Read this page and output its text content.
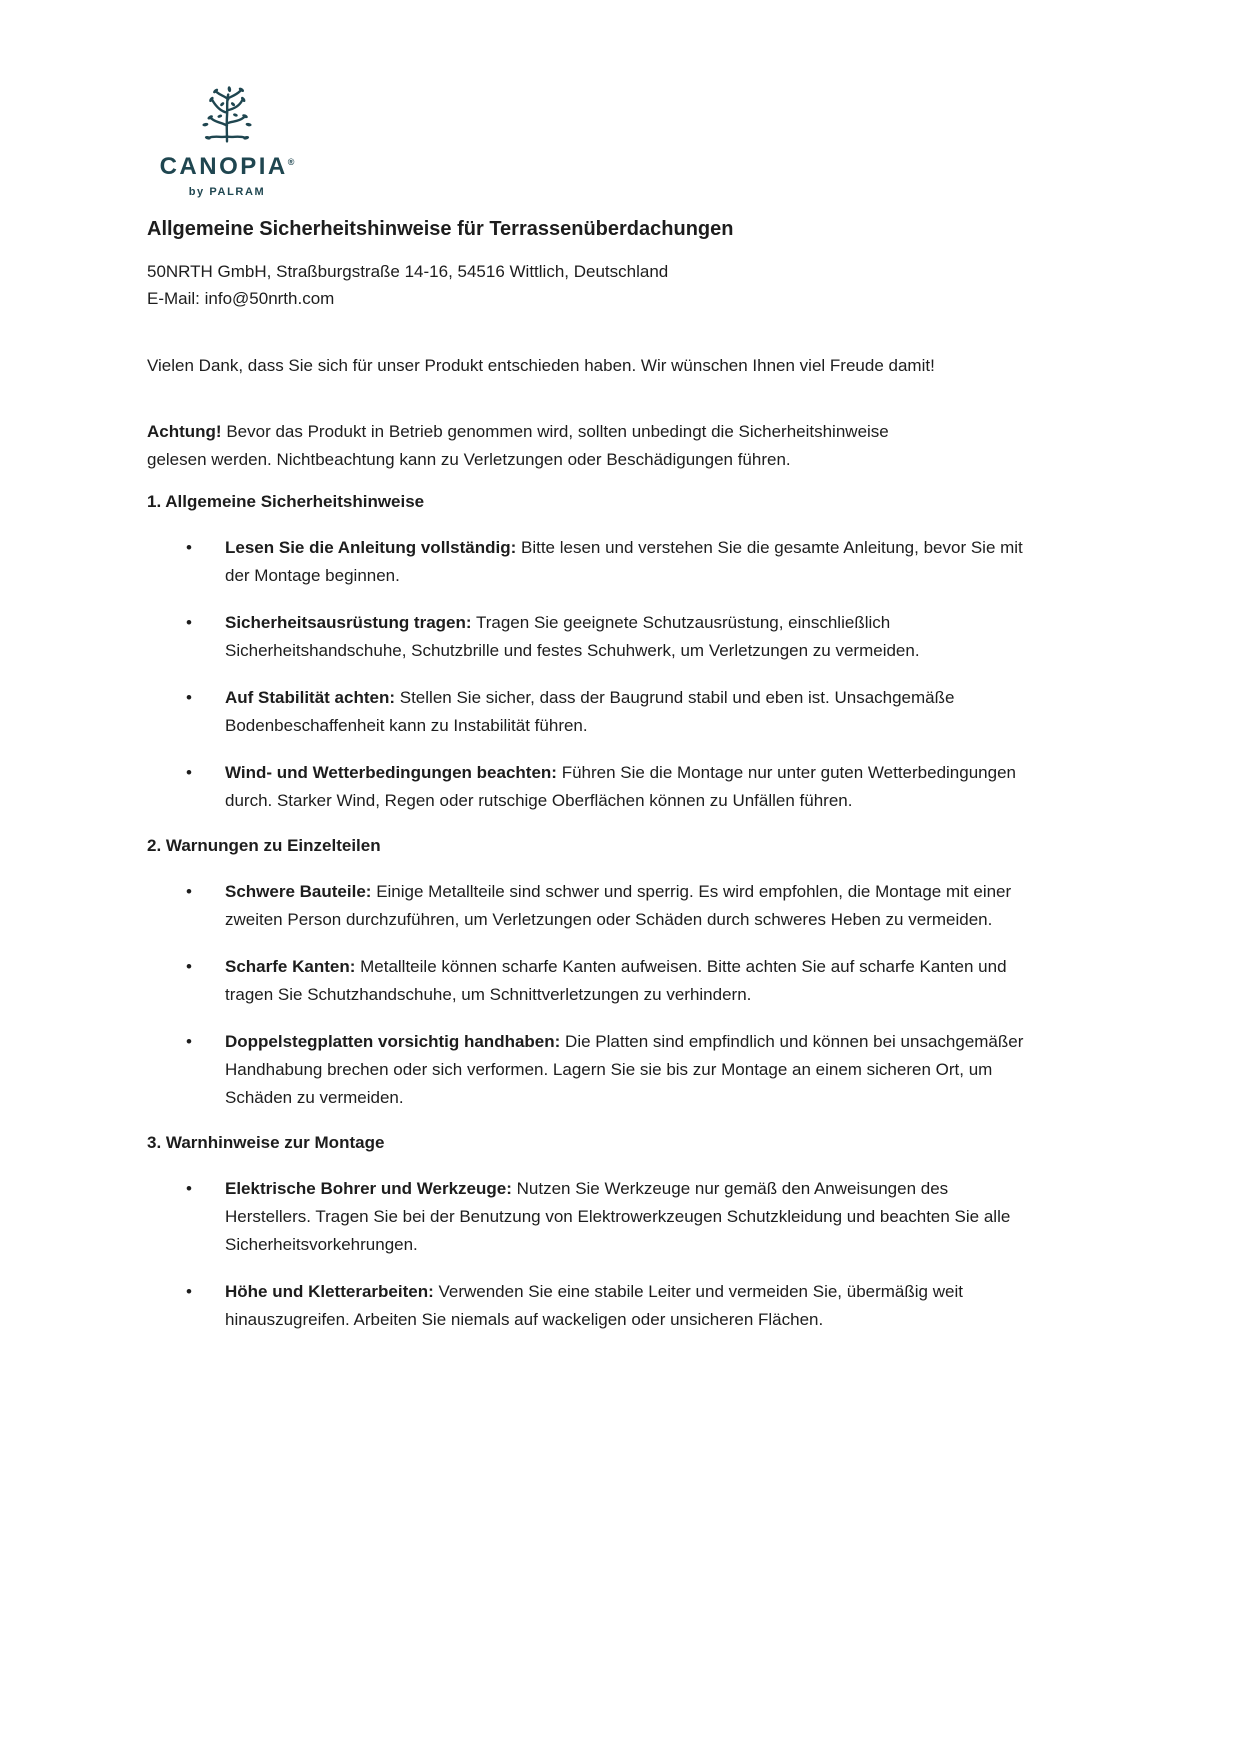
CANOPIA®
by PALRAM
Allgemeine Sicherheitshinweise für Terrassenüberdachungen
50NRTH GmbH, Straßburgstraße 14-16, 54516 Wittlich, Deutschland
E-Mail: info@50nrth.com

Vielen Dank, dass Sie sich für unser Produkt entschieden haben. Wir wünschen Ihnen viel Freude damit!

Achtung! Bevor das Produkt in Betrieb genommen wird, sollten unbedingt die Sicherheitshinweise gelesen werden. Nichtbeachtung kann zu Verletzungen oder Beschädigungen führen.

1. Allgemeine Sicherheitshinweise
• Lesen Sie die Anleitung vollständig: Bitte lesen und verstehen Sie die gesamte Anleitung, bevor Sie mit der Montage beginnen.
• Sicherheitsausrüstung tragen: Tragen Sie geeignete Schutzausrüstung, einschließlich Sicherheitshandschuhe, Schutzbrille und festes Schuhwerk, um Verletzungen zu vermeiden.
• Auf Stabilität achten: Stellen Sie sicher, dass der Baugrund stabil und eben ist. Unsachgemäße Bodenbeschaffenheit kann zu Instabilität führen.
• Wind- und Wetterbedingungen beachten: Führen Sie die Montage nur unter guten Wetterbedingungen durch. Starker Wind, Regen oder rutschige Oberflächen können zu Unfällen führen.
2. Warnungen zu Einzelteilen
• Schwere Bauteile: Einige Metallteile sind schwer und sperrig. Es wird empfohlen, die Montage mit einer zweiten Person durchzuführen, um Verletzungen oder Schäden durch schweres Heben zu vermeiden.
• Scharfe Kanten: Metallteile können scharfe Kanten aufweisen. Bitte achten Sie auf scharfe Kanten und tragen Sie Schutzhandschuhe, um Schnittverletzungen zu verhindern.
• Doppelstegplatten vorsichtig handhaben: Die Platten sind empfindlich und können bei unsachgemäßer Handhabung brechen oder sich verformen. Lagern Sie sie bis zur Montage an einem sicheren Ort, um Schäden zu vermeiden.
3. Warnhinweise zur Montage
• Elektrische Bohrer und Werkzeuge: Nutzen Sie Werkzeuge nur gemäß den Anweisungen des Herstellers. Tragen Sie bei der Benutzung von Elektrowerkzeugen Schutzkleidung und beachten Sie alle Sicherheitsvorkehrungen.
• Höhe und Kletterarbeiten: Verwenden Sie eine stabile Leiter und vermeiden Sie, übermäßig weit hinauszugreifen. Arbeiten Sie niemals auf wackeligen oder unsicheren Flächen.
